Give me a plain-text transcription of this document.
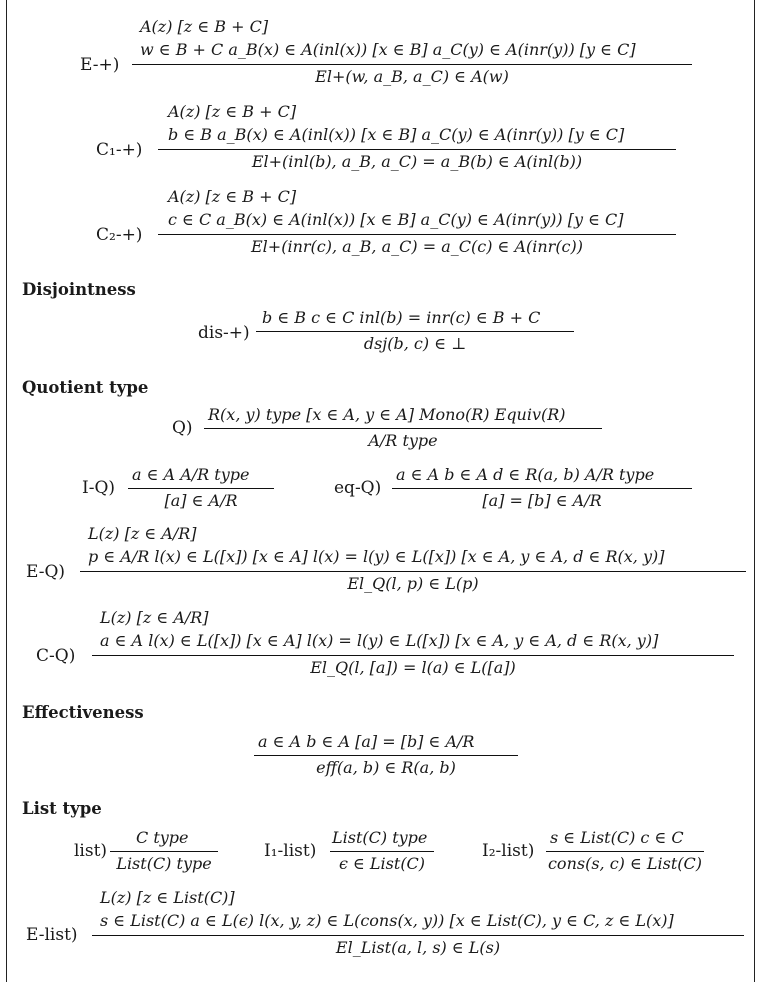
E-+)
A(z) [z ∈ B + C]
w ∈ B + C a_B(x) ∈ A(inl(x)) [x ∈ B] a_C(y) ∈ A(inr(y)) [y ∈ C]
El+(w, a_B, a_C) ∈ A(w)
C₁-+)
A(z) [z ∈ B + C]
b ∈ B a_B(x) ∈ A(inl(x)) [x ∈ B] a_C(y) ∈ A(inr(y)) [y ∈ C]
El+(inl(b), a_B, a_C) = a_B(b) ∈ A(inl(b))
C₂-+)
A(z) [z ∈ B + C]
c ∈ C a_B(x) ∈ A(inl(x)) [x ∈ B] a_C(y) ∈ A(inr(y)) [y ∈ C]
El+(inr(c), a_B, a_C) = a_C(c) ∈ A(inr(c))
Disjointness
dis-+)
b ∈ B c ∈ C inl(b) = inr(c) ∈ B + C
dsj(b, c) ∈ ⊥
Quotient type
Q)
R(x, y) type [x ∈ A, y ∈ A] Mono(R) Equiv(R)
A/R type
I-Q)
a ∈ A A/R type
[a] ∈ A/R
eq-Q)
a ∈ A b ∈ A d ∈ R(a, b) A/R type
[a] = [b] ∈ A/R
E-Q)
L(z) [z ∈ A/R]
p ∈ A/R l(x) ∈ L([x]) [x ∈ A] l(x) = l(y) ∈ L([x]) [x ∈ A, y ∈ A, d ∈ R(x, y)]
El_Q(l, p) ∈ L(p)
C-Q)
L(z) [z ∈ A/R]
a ∈ A l(x) ∈ L([x]) [x ∈ A] l(x) = l(y) ∈ L([x]) [x ∈ A, y ∈ A, d ∈ R(x, y)]
El_Q(l, [a]) = l(a) ∈ L([a])
Effectiveness
a ∈ A b ∈ A [a] = [b] ∈ A/R
eff(a, b) ∈ R(a, b)
List type
list)
C type
List(C) type
I₁-list)
List(C) type
ϵ ∈ List(C)
I₂-list)
s ∈ List(C) c ∈ C
cons(s, c) ∈ List(C)
E-list)
L(z) [z ∈ List(C)]
s ∈ List(C) a ∈ L(ϵ) l(x, y, z) ∈ L(cons(x, y)) [x ∈ List(C), y ∈ C, z ∈ L(x)]
El_List(a, l, s) ∈ L(s)
